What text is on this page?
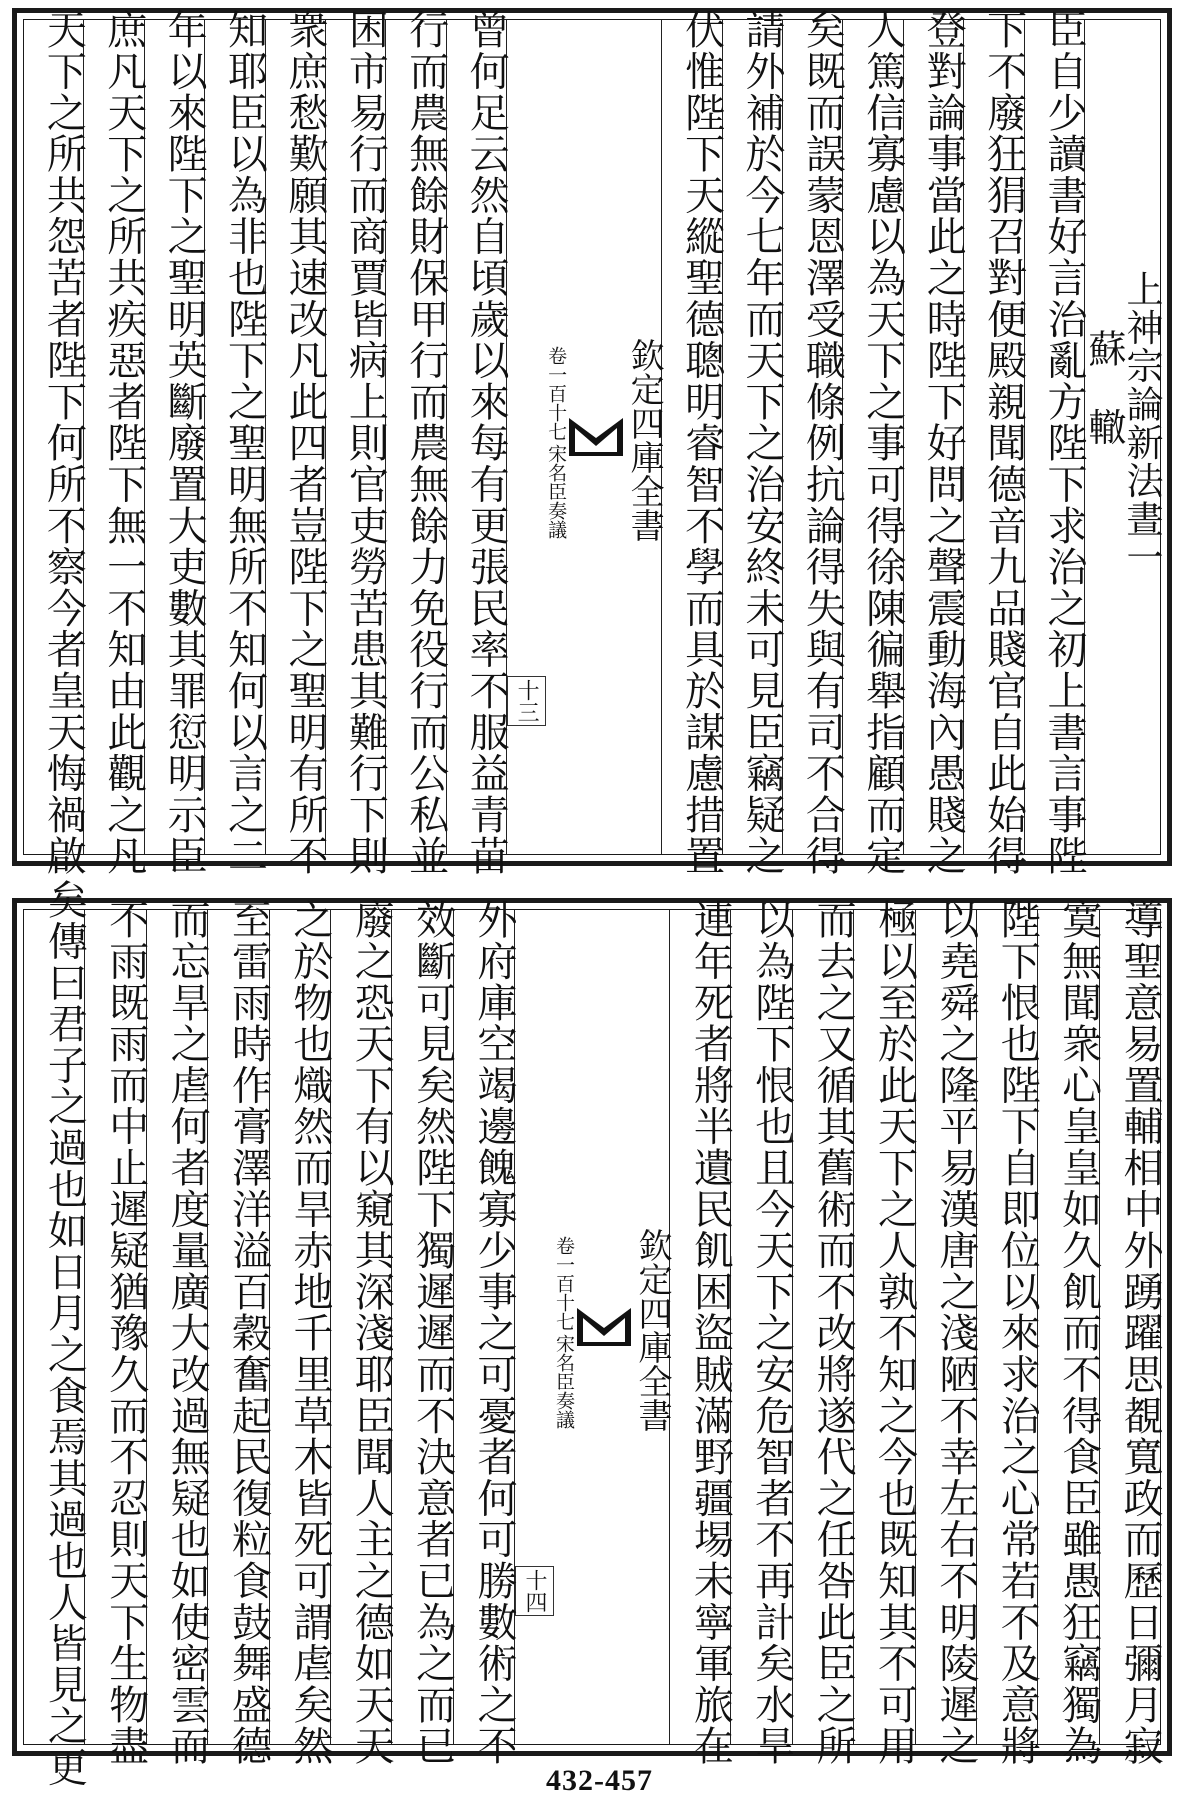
上神宗論新法晝一
蘇　轍
臣自少讀書好言治亂方陛下求治之初上書言事陛
下不廢狂狷召對便殿親聞德音九品賤官自此始得
登對論事當此之時陛下好問之聲震動海內愚賤之
人篤信寡慮以為天下之事可得徐陳徧舉指顧而定
矣既而誤蒙恩澤受職條例抗論得失與有司不合得
請外補於今七年而天下之治安終未可見臣竊疑之
伏惟陛下天縱聖德聰明睿智不學而具於謀慮措置
欽定四庫全書
宋名臣奏議
卷一百十七
十三
曾何足云然自頃歲以來每有更張民率不服益青苗
行而農無餘財保甲行而農無餘力免役行而公私並
困市易行而商賈皆病上則官吏勞苦患其難行下則
衆庶愁歎願其速改凡此四者豈陛下之聖明有所不
知耶臣以為非也陛下之聖明無所不知何以言之二
年以來陛下之聖明英斷廢置大吏數其罪愆明示臣
庶凡天下之所共疾惡者陛下無一不知由此觀之凡
天下之所共怨苦者陛下何所不察今者皇天悔禍啟
導聖意易置輔相中外踴躍思覩寬政而歷日彌月寂
寞無聞衆心皇皇如久飢而不得食臣雖愚狂竊獨為
陛下恨也陛下自即位以來求治之心常若不及意將
以堯舜之隆平易漢唐之淺陋不幸左右不明陵遲之
極以至於此天下之人孰不知之今也既知其不可用
而去之又循其舊術而不改將遂代之任咎此臣之所
以為陛下恨也且今天下之安危智者不再計矣水旱
連年死者將半遺民飢困盜賊滿野疆埸未寧軍旅在
欽定四庫全書
宋名臣奏議
卷一百十七
十四
外府庫空竭邊餽寡少事之可憂者何可勝數術之不
效斷可見矣然陛下獨遲遲而不決意者已為之而已
廢之恐天下有以窺其深淺耶臣聞人主之德如天天
之於物也熾然而旱赤地千里草木皆死可謂虐矣然
至雷雨時作膏澤洋溢百穀奮起民復粒食鼓舞盛德
而忘旱之虐何者度量廣大改過無疑也如使密雲而
不雨既雨而中止遲疑猶豫久而不忍則天下生物盡
矣傳曰君子之過也如日月之食焉其過也人皆見之更	432-457
